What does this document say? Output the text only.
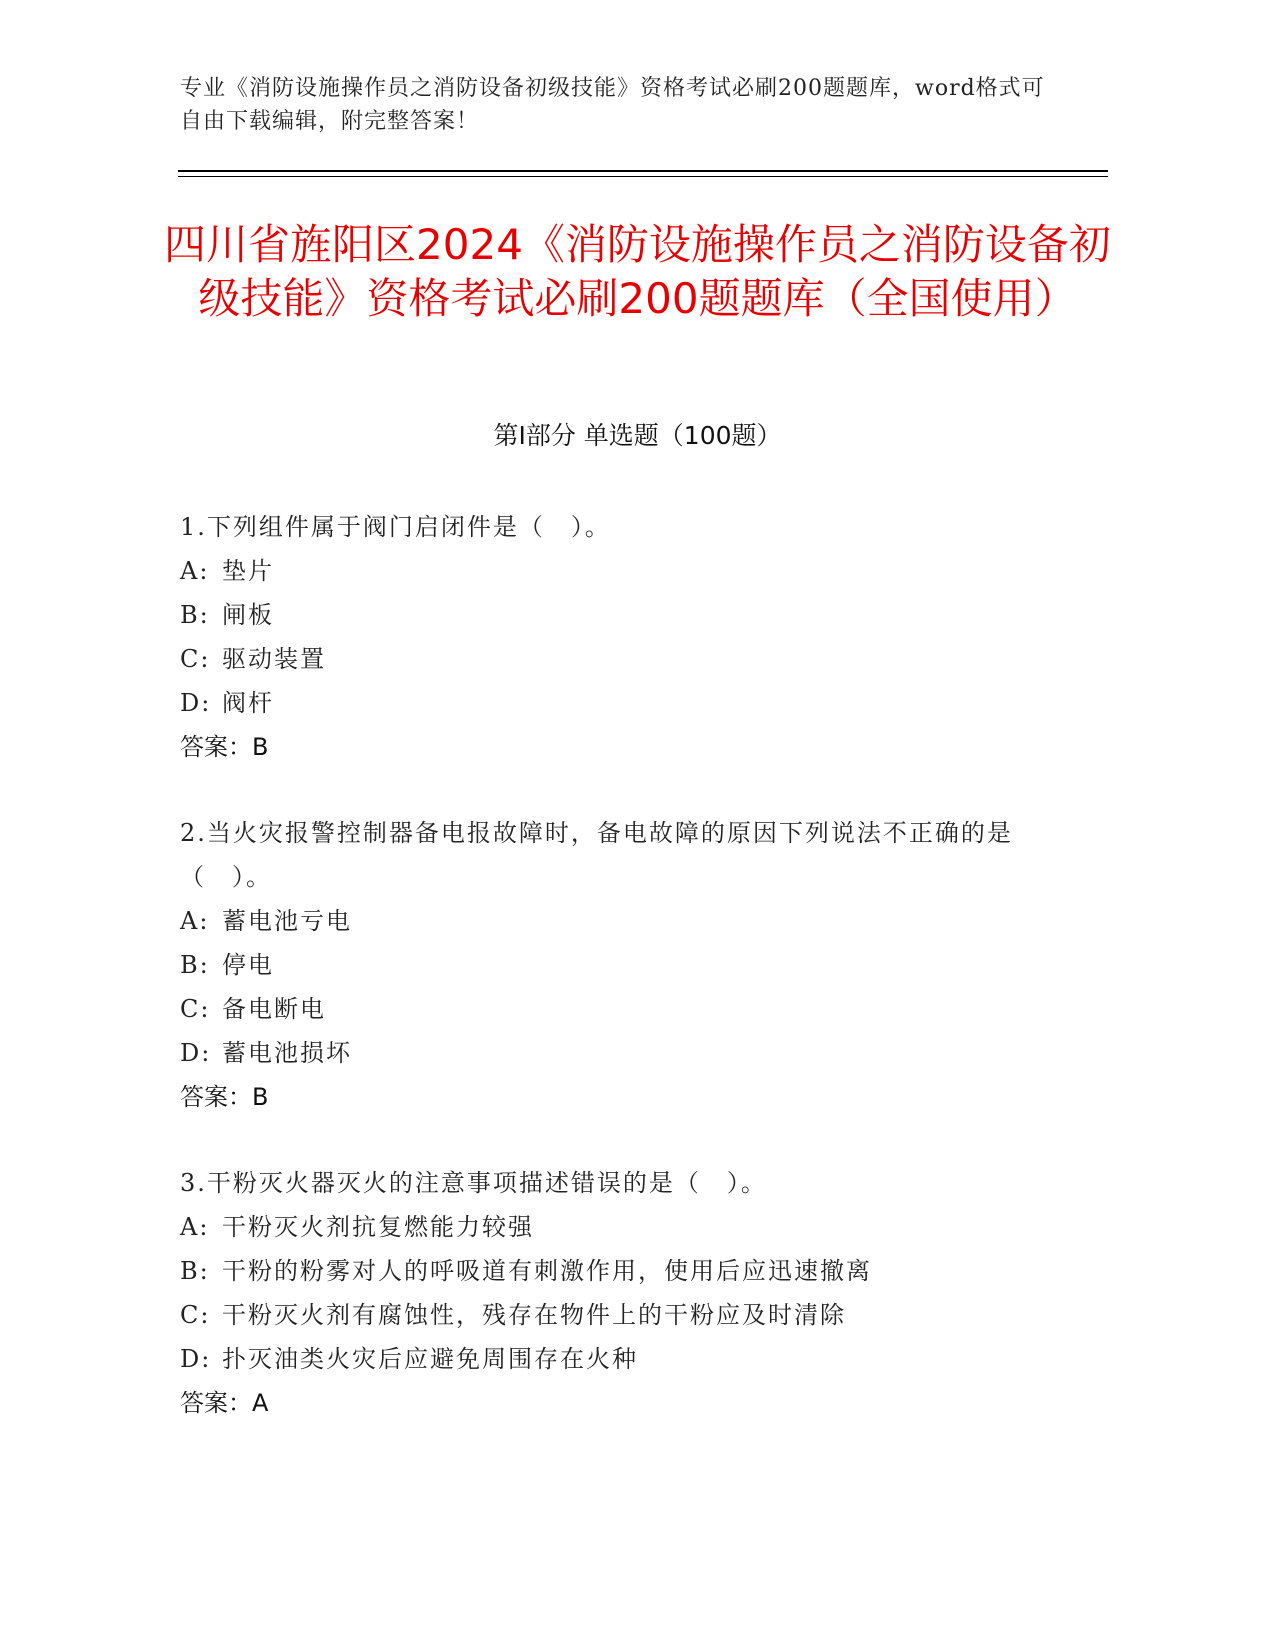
专业《消防设施操作员之消防设备初级技能》资格考试必刷200题题库，word格式可自由下载编辑，附完整答案！
四川省旌阳区2024《消防设施操作员之消防设备初级技能》资格考试必刷200题题库（全国使用）
第Ⅰ部分 单选题（100题）
1.下列组件属于阀门启闭件是（　）。
A: 垫片
B: 闸板
C: 驱动装置
D: 阀杆
答案：B
2.当火灾报警控制器备电报故障时，备电故障的原因下列说法不正确的是（　）。
A: 蓄电池亏电
B: 停电
C: 备电断电
D: 蓄电池损坏
答案：B
3.干粉灭火器灭火的注意事项描述错误的是（　）。
A: 干粉灭火剂抗复燃能力较强
B: 干粉的粉雾对人的呼吸道有刺激作用，使用后应迅速撤离
C: 干粉灭火剂有腐蚀性，残存在物件上的干粉应及时清除
D: 扑灭油类火灾后应避免周围存在火种
答案：A
